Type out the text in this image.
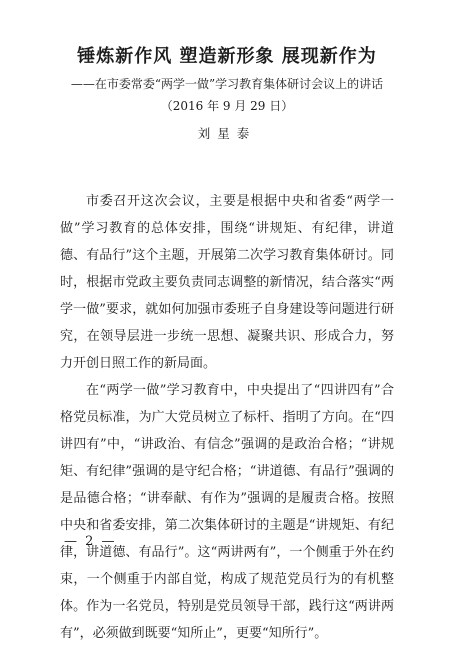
锤炼新作风 塑造新形象 展现新作为

——在市委常委“两学一做”学习教育集体研讨会议上的讲话

（2016 年 9 月 29 日）

刘星泰

市委召开这次会议，主要是根据中央和省委“两学一做”学习教育的总体安排，围绕“讲规矩、有纪律，讲道德、有品行”这个主题，开展第二次学习教育集体研讨。同时，根据市党政主要负责同志调整的新情况，结合落实“两学一做”要求，就如何加强市委班子自身建设等问题进行研究，在领导层进一步统一思想、凝聚共识、形成合力，努力开创日照工作的新局面。

在“两学一做”学习教育中，中央提出了“四讲四有”合格党员标准，为广大党员树立了标杆、指明了方向。在“四讲四有”中，“讲政治、有信念”强调的是政治合格；“讲规矩、有纪律”强调的是守纪合格；“讲道德、有品行”强调的是品德合格；“讲奉献、有作为”强调的是履责合格。按照中央和省委安排，第二次集体研讨的主题是“讲规矩、有纪律，讲道德、有品行”。这“两讲两有”，一个侧重于外在约束，一个侧重于内部自觉，构成了规范党员行为的有机整体。作为一名党员，特别是党员领导干部，践行这“两讲两有”，必须做到既要“知所止”，更要“知所行”。

— 2 —
